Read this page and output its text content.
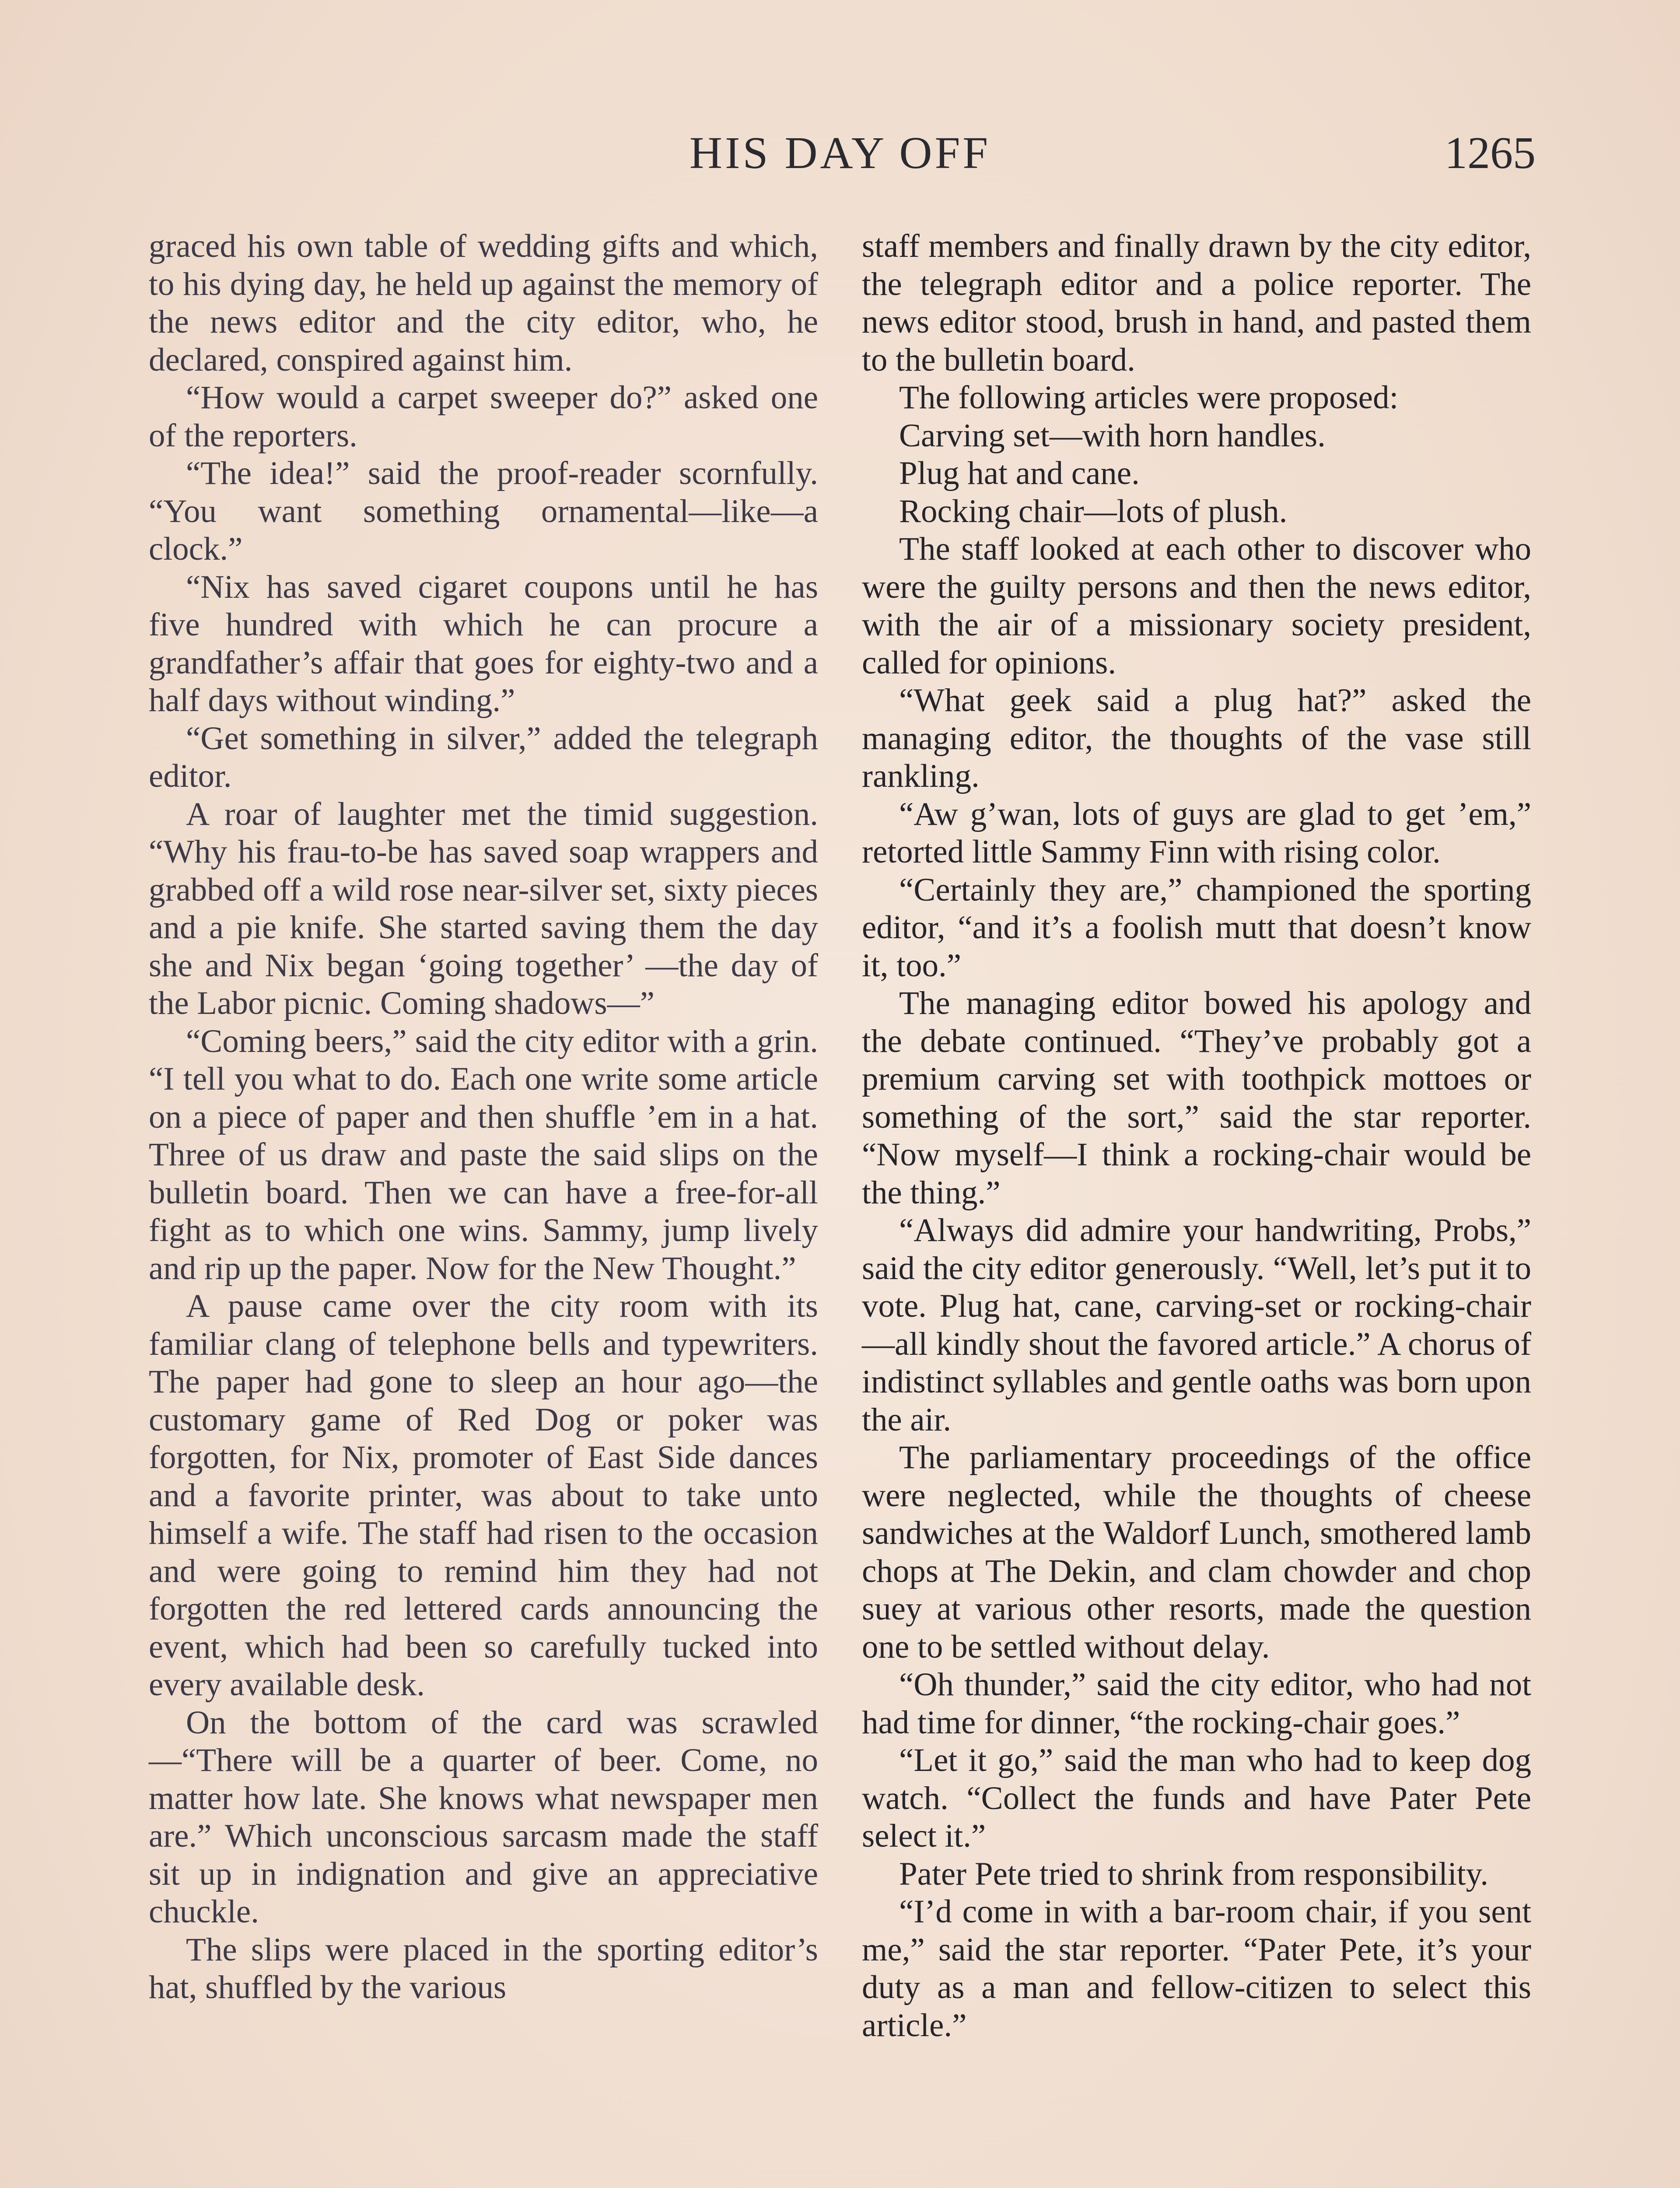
HIS DAY OFF	1265

graced his own table of wedding gifts and which, to his dying day, he held up against the memory of the news editor and the city editor, who, he declared, conspired against him.

“How would a carpet sweeper do?” asked one of the reporters.

“The idea!” said the proof-reader scornfully. “You want something ornamental—like—a clock.”

“Nix has saved cigaret coupons until he has five hundred with which he can procure a grandfather’s affair that goes for eighty-two and a half days without winding.”

“Get something in silver,” added the telegraph editor.

A roar of laughter met the timid suggestion. “Why his frau-to-be has saved soap wrappers and grabbed off a wild rose near-silver set, sixty pieces and a pie knife. She started saving them the day she and Nix began ‘going together’ —the day of the Labor picnic. Coming shadows—”

“Coming beers,” said the city editor with a grin. “I tell you what to do. Each one write some article on a piece of paper and then shuffle ’em in a hat. Three of us draw and paste the said slips on the bulletin board. Then we can have a free-for-all fight as to which one wins. Sammy, jump lively and rip up the paper. Now for the New Thought.”

A pause came over the city room with its familiar clang of telephone bells and typewriters. The paper had gone to sleep an hour ago—the customary game of Red Dog or poker was forgotten, for Nix, promoter of East Side dances and a favorite printer, was about to take unto himself a wife. The staff had risen to the occasion and were going to remind him they had not forgotten the red lettered cards announcing the event, which had been so carefully tucked into every available desk.

On the bottom of the card was scrawled—“There will be a quarter of beer. Come, no matter how late. She knows what newspaper men are.” Which unconscious sarcasm made the staff sit up in indignation and give an appreciative chuckle.

The slips were placed in the sporting editor’s hat, shuffled by the various

staff members and finally drawn by the city editor, the telegraph editor and a police reporter. The news editor stood, brush in hand, and pasted them to the bulletin board.

The following articles were proposed:

Carving set—with horn handles.

Plug hat and cane.

Rocking chair—lots of plush.

The staff looked at each other to discover who were the guilty persons and then the news editor, with the air of a missionary society president, called for opinions.

“What geek said a plug hat?” asked the managing editor, the thoughts of the vase still rankling.

“Aw g’wan, lots of guys are glad to get ’em,” retorted little Sammy Finn with rising color.

“Certainly they are,” championed the sporting editor, “and it’s a foolish mutt that doesn’t know it, too.”

The managing editor bowed his apology and the debate continued. “They’ve probably got a premium carving set with toothpick mottoes or something of the sort,” said the star reporter. “Now myself—I think a rocking-chair would be the thing.”

“Always did admire your handwriting, Probs,” said the city editor generously. “Well, let’s put it to vote. Plug hat, cane, carving-set or rocking-chair —all kindly shout the favored article.” A chorus of indistinct syllables and gentle oaths was born upon the air.

The parliamentary proceedings of the office were neglected, while the thoughts of cheese sandwiches at the Waldorf Lunch, smothered lamb chops at The Dekin, and clam chowder and chop suey at various other resorts, made the question one to be settled without delay.

“Oh thunder,” said the city editor, who had not had time for dinner, “the rocking-chair goes.”

“Let it go,” said the man who had to keep dog watch. “Collect the funds and have Pater Pete select it.”

Pater Pete tried to shrink from responsibility.

“I’d come in with a bar-room chair, if you sent me,” said the star reporter. “Pater Pete, it’s your duty as a man and fellow-citizen to select this article.”
